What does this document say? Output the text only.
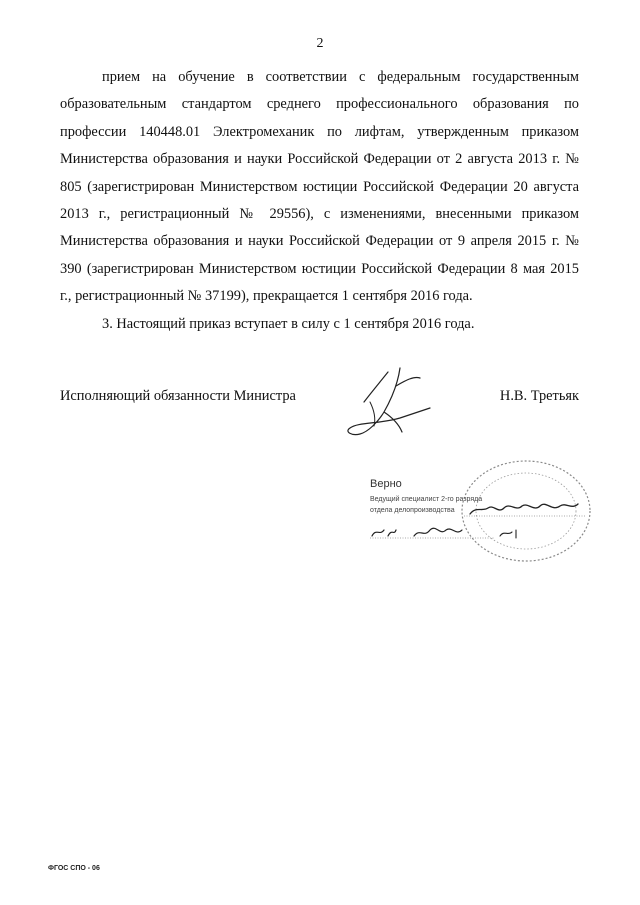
2

прием на обучение в соответствии с федеральным государственным образовательным стандартом среднего профессионального образования по профессии 140448.01 Электромеханик по лифтам, утвержденным приказом Министерства образования и науки Российской Федерации от 2 августа 2013 г. № 805 (зарегистрирован Министерством юстиции Российской Федерации 20 августа 2013 г., регистрационный № 29556), с изменениями, внесенными приказом Министерства образования и науки Российской Федерации от 9 апреля 2015 г. № 390 (зарегистрирован Министерством юстиции Российской Федерации 8 мая 2015 г., регистрационный № 37199), прекращается 1 сентября 2016 года.

3. Настоящий приказ вступает в силу с 1 сентября 2016 года.

Исполняющий обязанности Министра	Н.В. Третьяк
Верно
Ведущий специалист 2-го разряда
отдела делопроизводства
ФГОС СПО - 06
